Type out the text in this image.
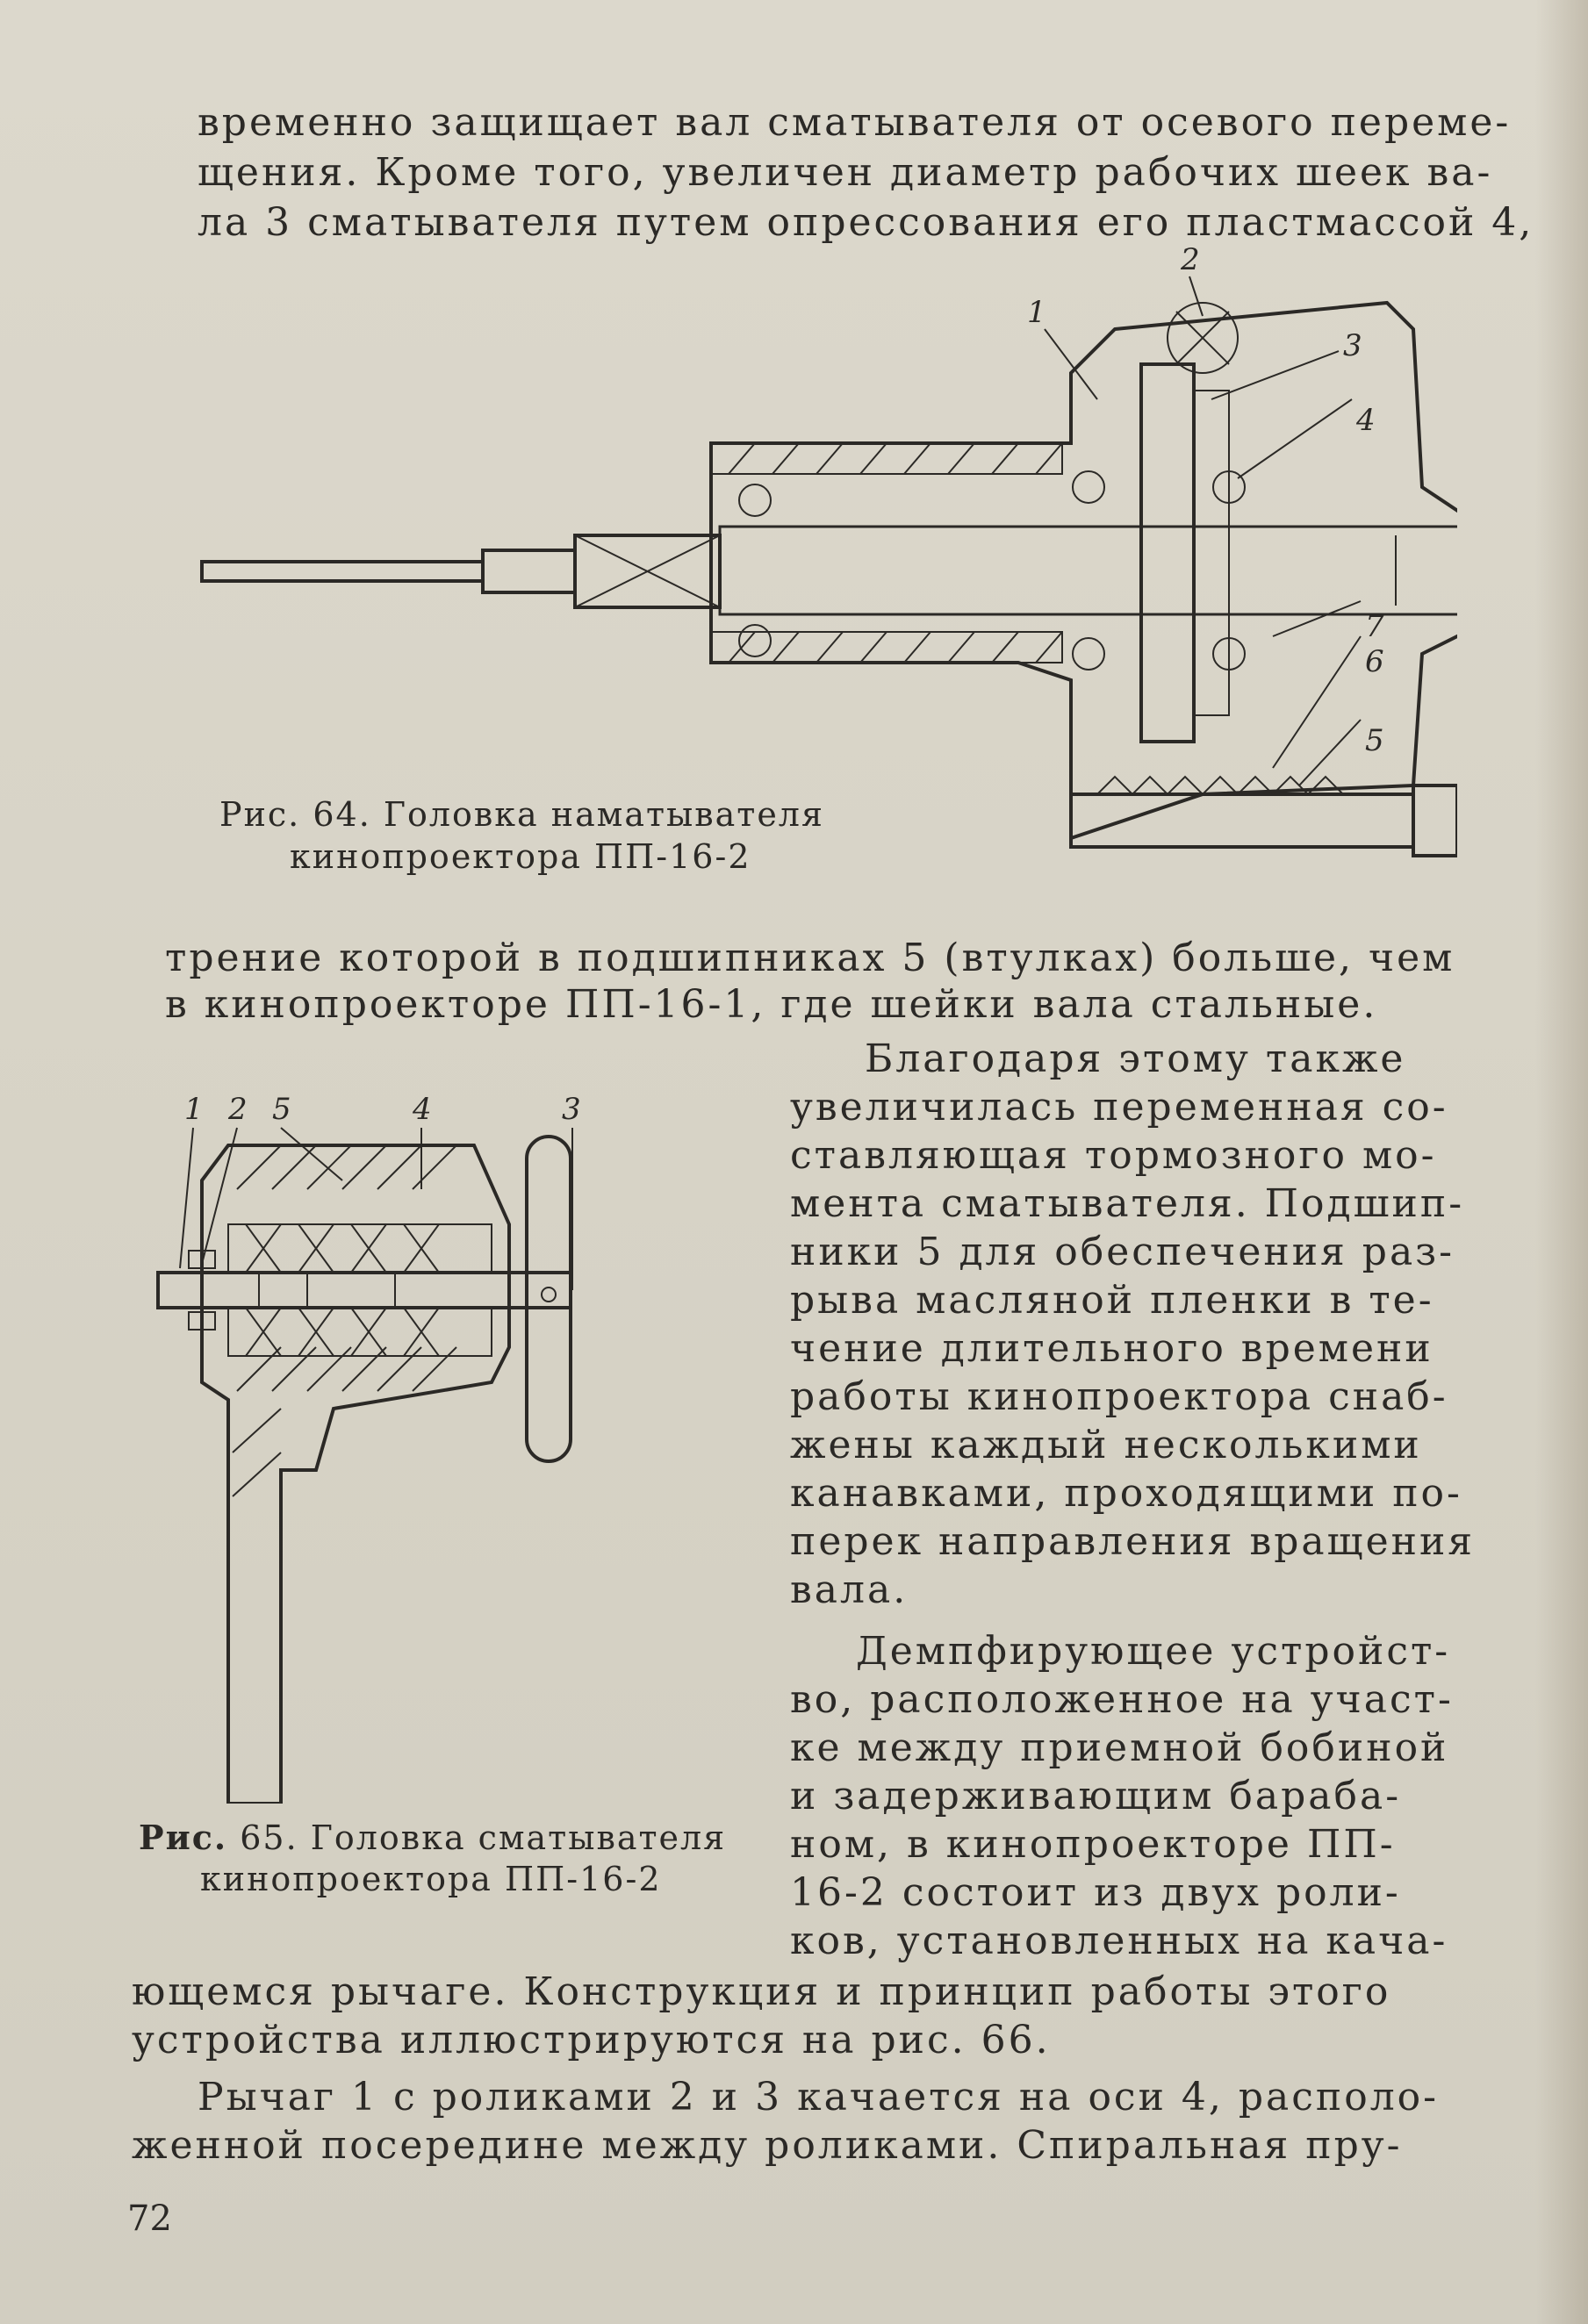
временно защищает вал сматывателя от осевого переме-
щения. Кроме того, увеличен диаметр рабочих шеек ва-
ла 3 сматывателя путем опрессования его пластмассой 4,
1
2
3
4
7
6
5
Рис. 64. Головка наматывателя
кинопроектора ПП-16-2
трение которой в подшипниках 5 (втулках) больше, чем
в кинопроекторе ПП-16-1, где шейки вала стальные.
1 2 5	4	3
Рис. 65. Головка сматывателя
кинопроектора ПП-16-2
Благодаря этому также
увеличилась переменная со-
ставляющая тормозного мо-
мента сматывателя. Подшип-
ники 5 для обеспечения раз-
рыва масляной пленки в те-
чение длительного времени
работы кинопроектора снаб-
жены каждый несколькими
канавками, проходящими по-
перек направления вращения
вала.
Демпфирующее устройст-
во, расположенное на участ-
ке между приемной бобиной
и задерживающим бараба-
ном, в кинопроекторе ПП-
16-2 состоит из двух роли-
ков, установленных на кача-
ющемся рычаге. Конструкция и принцип работы этого
устройства иллюстрируются на рис. 66.
Рычаг 1 с роликами 2 и 3 качается на оси 4, располо-
женной посередине между роликами. Спиральная пру-
72
